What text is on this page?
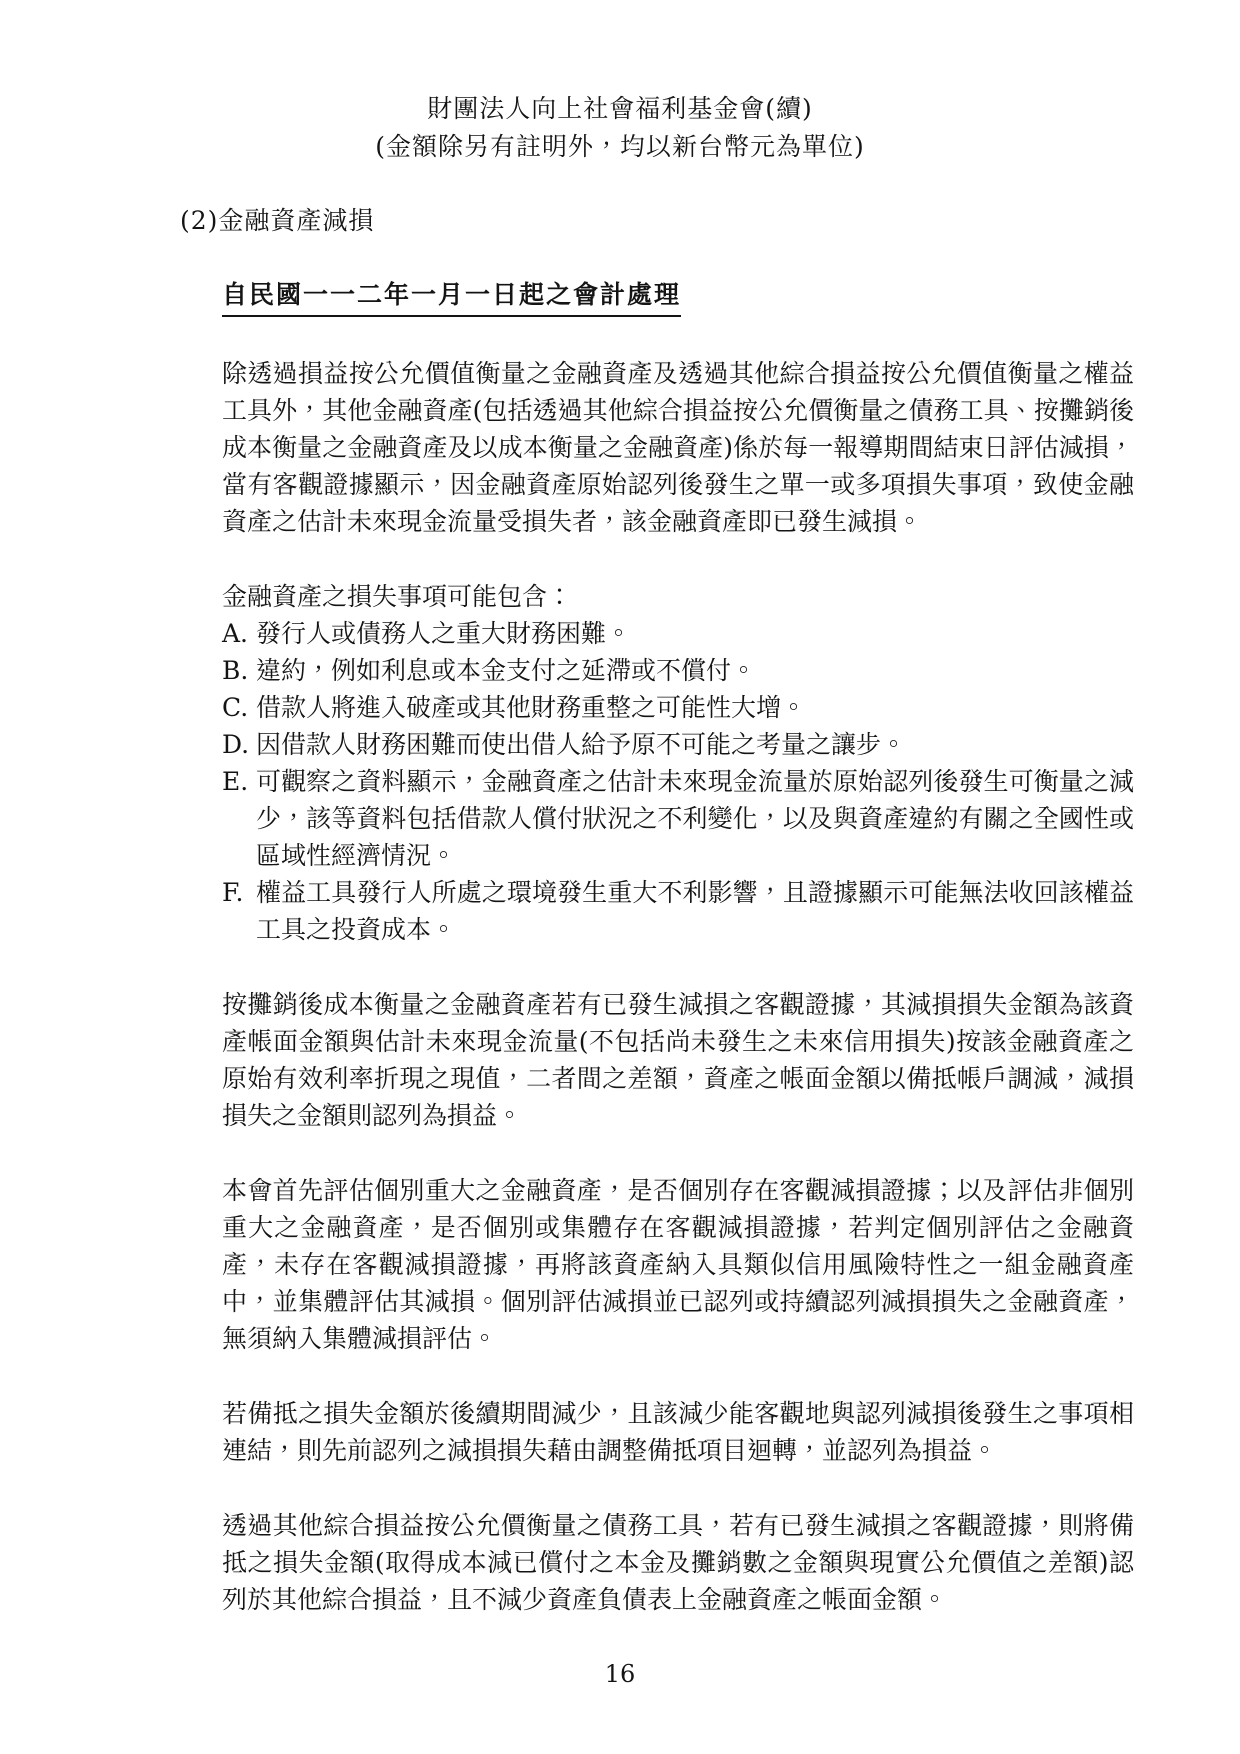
財團法人向上社會福利基金會(續)
(金額除另有註明外，均以新台幣元為單位)
(2)金融資產減損
自民國一一二年一月一日起之會計處理

除透過損益按公允價值衡量之金融資產及透過其他綜合損益按公允價值衡量之權益工具外，其他金融資產(包括透過其他綜合損益按公允價衡量之債務工具、按攤銷後成本衡量之金融資產及以成本衡量之金融資產)係於每一報導期間結束日評估減損，當有客觀證據顯示，因金融資產原始認列後發生之單一或多項損失事項，致使金融資產之估計未來現金流量受損失者，該金融資產即已發生減損。

金融資產之損失事項可能包含：
A. 發行人或債務人之重大財務困難。
B. 違約，例如利息或本金支付之延滯或不償付。
C. 借款人將進入破產或其他財務重整之可能性大增。
D. 因借款人財務困難而使出借人給予原不可能之考量之讓步。
E. 可觀察之資料顯示，金融資產之估計未來現金流量於原始認列後發生可衡量之減少，該等資料包括借款人償付狀況之不利變化，以及與資產違約有關之全國性或區域性經濟情況。
F. 權益工具發行人所處之環境發生重大不利影響，且證據顯示可能無法收回該權益工具之投資成本。

按攤銷後成本衡量之金融資產若有已發生減損之客觀證據，其減損損失金額為該資產帳面金額與估計未來現金流量(不包括尚未發生之未來信用損失)按該金融資產之原始有效利率折現之現值，二者間之差額，資產之帳面金額以備抵帳戶調減，減損損失之金額則認列為損益。

本會首先評估個別重大之金融資產，是否個別存在客觀減損證據；以及評估非個別重大之金融資產，是否個別或集體存在客觀減損證據，若判定個別評估之金融資產，未存在客觀減損證據，再將該資產納入具類似信用風險特性之一組金融資產中，並集體評估其減損。個別評估減損並已認列或持續認列減損損失之金融資產，無須納入集體減損評估。

若備抵之損失金額於後續期間減少，且該減少能客觀地與認列減損後發生之事項相連結，則先前認列之減損損失藉由調整備抵項目迴轉，並認列為損益。

透過其他綜合損益按公允價衡量之債務工具，若有已發生減損之客觀證據，則將備抵之損失金額(取得成本減已償付之本金及攤銷數之金額與現實公允價值之差額)認列於其他綜合損益，且不減少資產負債表上金融資產之帳面金額。

16
